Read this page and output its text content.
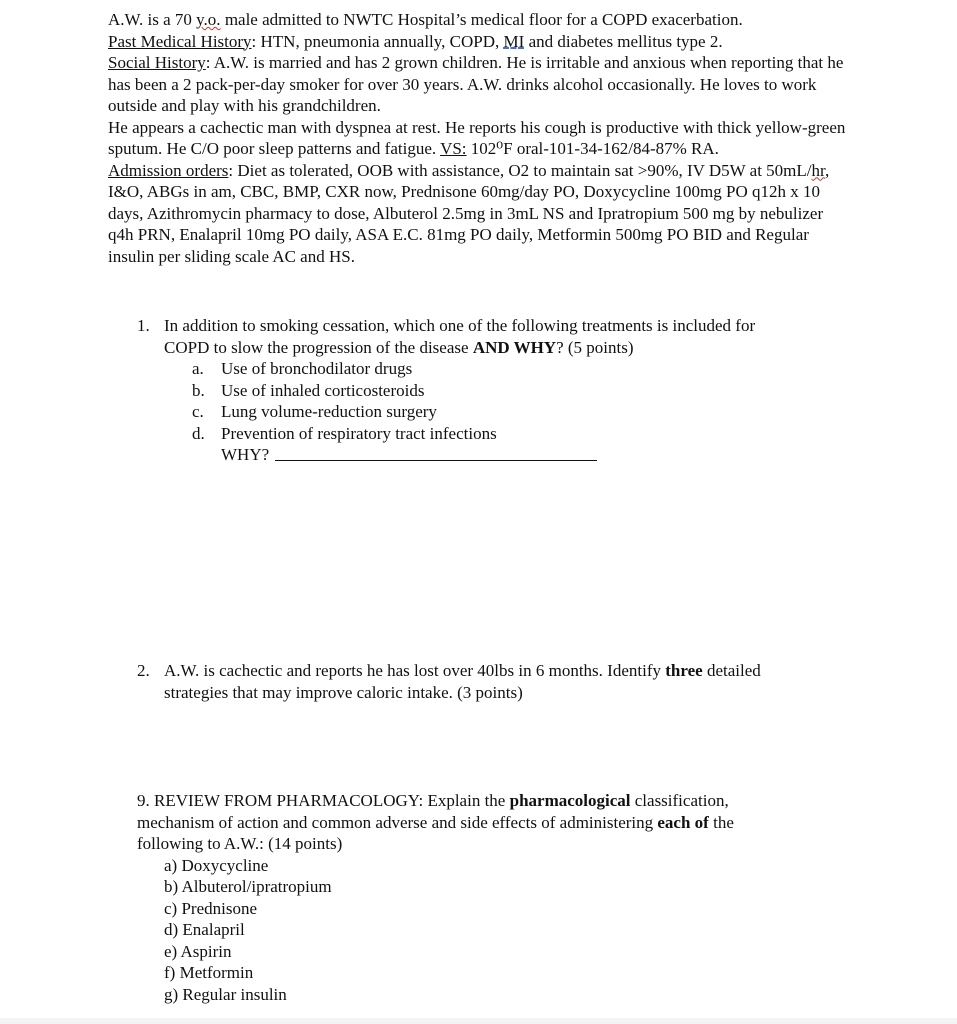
A.W. is a 70 y.o. male admitted to NWTC Hospital’s medical floor for a COPD exacerbation.

Past Medical History: HTN, pneumonia annually, COPD, MI and diabetes mellitus type 2.

Social History: A.W. is married and has 2 grown children. He is irritable and anxious when reporting that he has been a 2 pack-per-day smoker for over 30 years. A.W. drinks alcohol occasionally. He loves to work outside and play with his grandchildren.

He appears a cachectic man with dyspnea at rest. He reports his cough is productive with thick yellow-green sputum. He C/O poor sleep patterns and fatigue. VS: 102⁰F oral-101-34-162/84-87% RA.

Admission orders: Diet as tolerated, OOB with assistance, O2 to maintain sat >90%, IV D5W at 50mL/hr, I&O, ABGs in am, CBC, BMP, CXR now, Prednisone 60mg/day PO, Doxycycline 100mg PO q12h x 10 days, Azithromycin pharmacy to dose, Albuterol 2.5mg in 3mL NS and Ipratropium 500 mg by nebulizer q4h PRN, Enalapril 10mg PO daily, ASA E.C. 81mg PO daily, Metformin 500mg PO BID and Regular insulin per sliding scale AC and HS.

1. In addition to smoking cessation, which one of the following treatments is included for
COPD to slow the progression of the disease AND WHY? (5 points)
a.	Use of bronchodilator drugs
b. Use of inhaled corticosteroids
c.	Lung volume-reduction surgery
d. Prevention of respiratory tract infections
WHY?
2. A.W. is cachectic and reports he has lost over 40lbs in 6 months. Identify three detailed
strategies that may improve caloric intake. (3 points)
9. REVIEW FROM PHARMACOLOGY: Explain the pharmacological classification,
mechanism of action and common adverse and side effects of administering each of the
following to A.W.: (14 points)
a) Doxycycline
b) Albuterol/ipratropium
c) Prednisone
d) Enalapril
e) Aspirin
f) Metformin
g) Regular insulin
